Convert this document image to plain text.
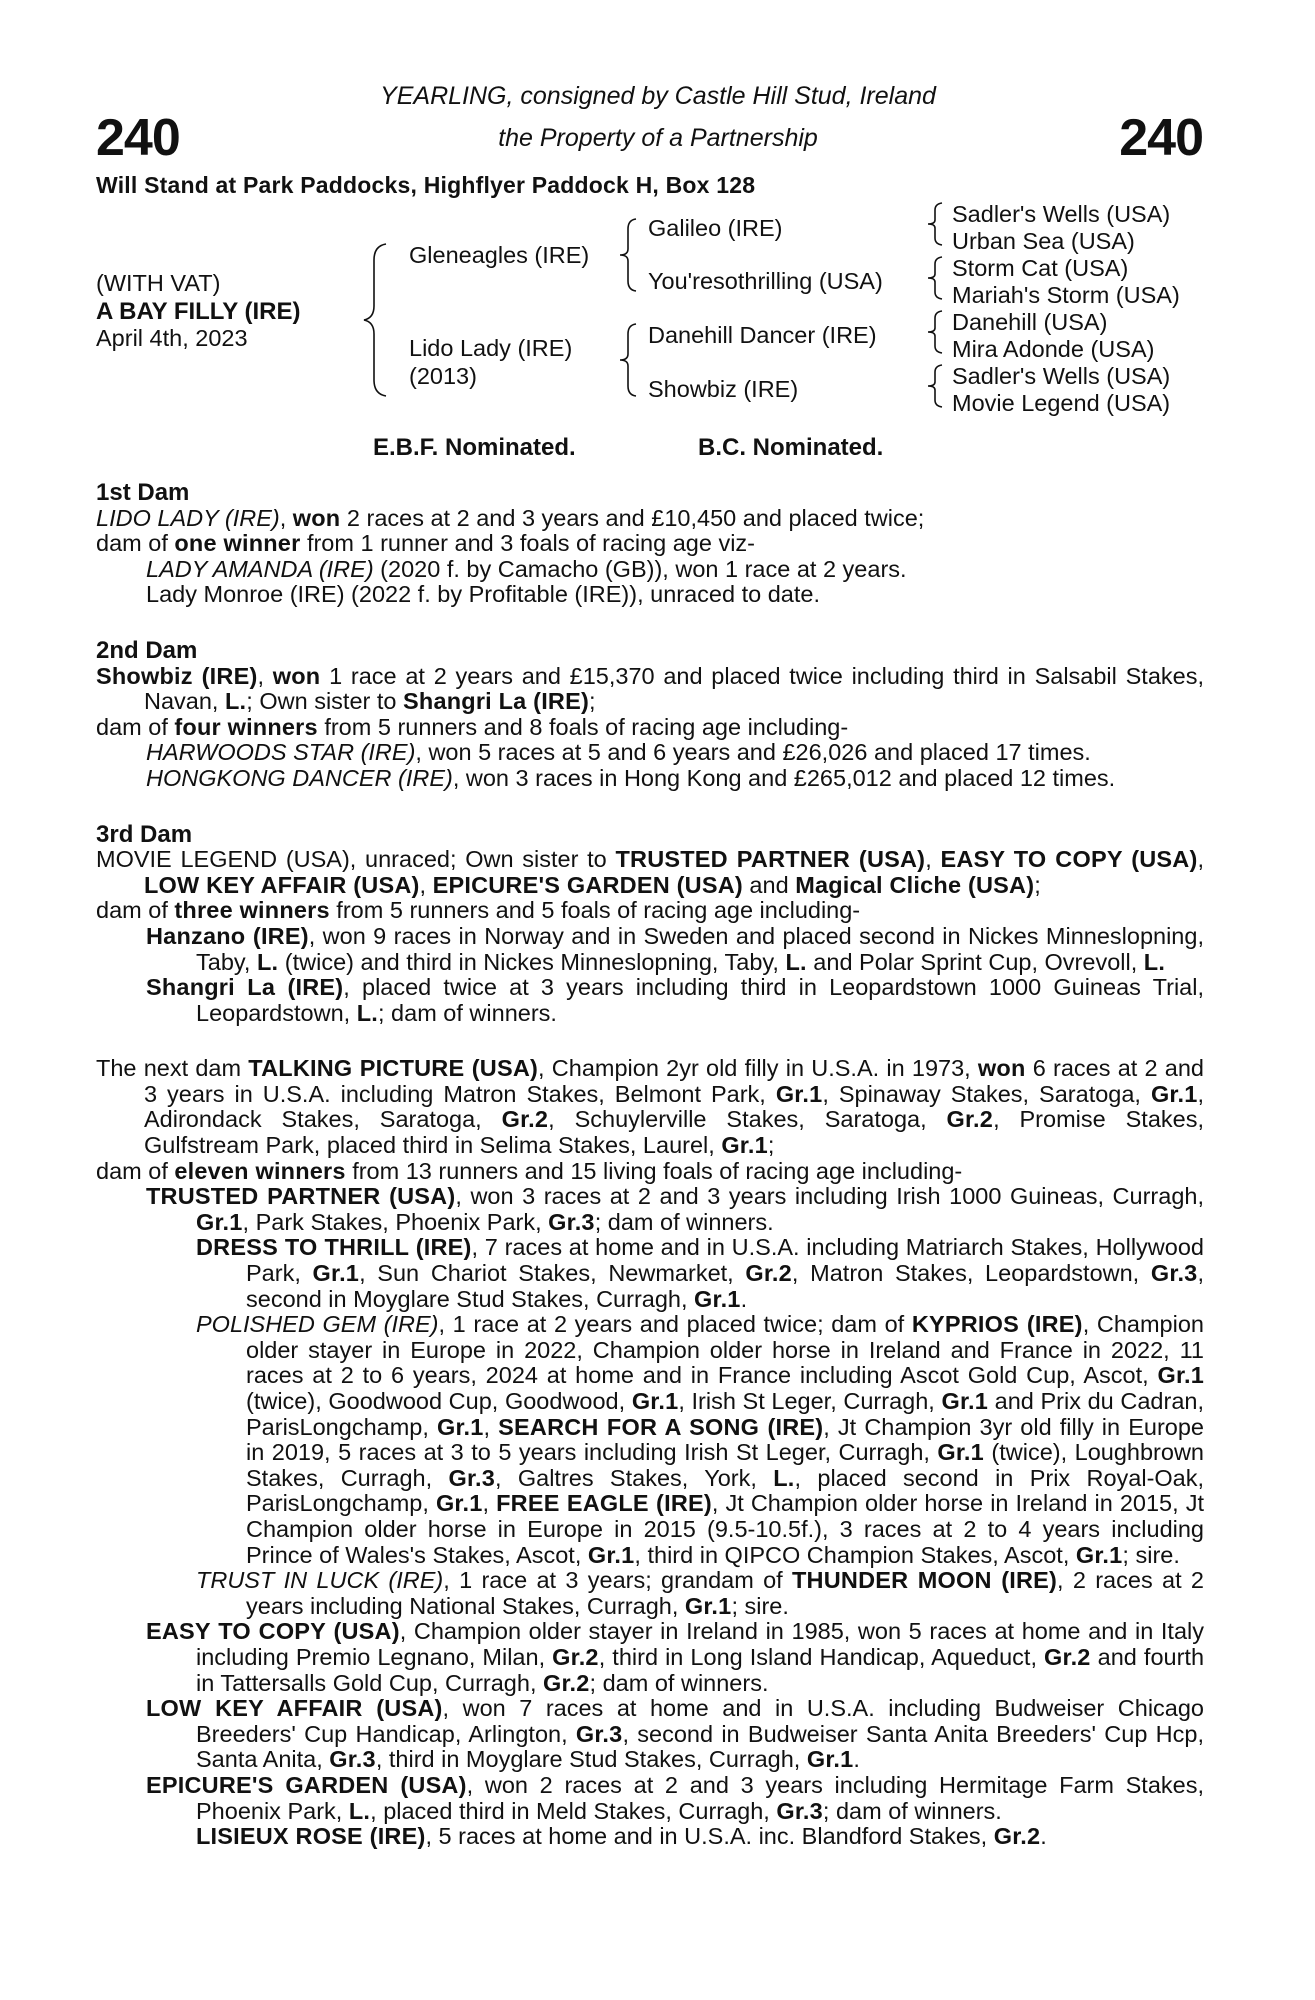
240	240
YEARLING, consigned by Castle Hill Stud, Ireland
the Property of a Partnership
Will Stand at Park Paddocks, Highflyer Paddock H, Box 128
(WITH VAT)
A BAY FILLY (IRE)
April 4th, 2023
Gleneagles (IRE)
Lido Lady (IRE)
(2013)
Galileo (IRE)
You'resothrilling (USA)
Danehill Dancer (IRE)
Showbiz (IRE)
Sadler's Wells (USA)
Urban Sea (USA)
Storm Cat (USA)
Mariah's Storm (USA)
Danehill (USA)
Mira Adonde (USA)
Sadler's Wells (USA)
Movie Legend (USA)
E.B.F. Nominated.	B.C. Nominated.
1st Dam

LIDO LADY (IRE), won 2 races at 2 and 3 years and £10,450 and placed twice;

dam of one winner from 1 runner and 3 foals of racing age viz-

LADY AMANDA (IRE) (2020 f. by Camacho (GB)), won 1 race at 2 years.

Lady Monroe (IRE) (2022 f. by Profitable (IRE)), unraced to date.

2nd Dam

Showbiz (IRE), won 1 race at 2 years and £15,370 and placed twice including third in Salsabil Stakes, Navan, L.; Own sister to Shangri La (IRE);

dam of four winners from 5 runners and 8 foals of racing age including-

HARWOODS STAR (IRE), won 5 races at 5 and 6 years and £26,026 and placed 17 times.

HONGKONG DANCER (IRE), won 3 races in Hong Kong and £265,012 and placed 12 times.

3rd Dam

MOVIE LEGEND (USA), unraced; Own sister to TRUSTED PARTNER (USA), EASY TO COPY (USA), LOW KEY AFFAIR (USA), EPICURE'S GARDEN (USA) and Magical Cliche (USA);

dam of three winners from 5 runners and 5 foals of racing age including-

Hanzano (IRE), won 9 races in Norway and in Sweden and placed second in Nickes Minneslopning, Taby, L. (twice) and third in Nickes Minneslopning, Taby, L. and Polar Sprint Cup, Ovrevoll, L.

Shangri La (IRE), placed twice at 3 years including third in Leopardstown 1000 Guineas Trial, Leopardstown, L.; dam of winners.

The next dam TALKING PICTURE (USA), Champion 2yr old filly in U.S.A. in 1973, won 6 races at 2 and 3 years in U.S.A. including Matron Stakes, Belmont Park, Gr.1, Spinaway Stakes, Saratoga, Gr.1, Adirondack Stakes, Saratoga, Gr.2, Schuylerville Stakes, Saratoga, Gr.2, Promise Stakes, Gulfstream Park, placed third in Selima Stakes, Laurel, Gr.1;

dam of eleven winners from 13 runners and 15 living foals of racing age including-

TRUSTED PARTNER (USA), won 3 races at 2 and 3 years including Irish 1000 Guineas, Curragh, Gr.1, Park Stakes, Phoenix Park, Gr.3; dam of winners.

DRESS TO THRILL (IRE), 7 races at home and in U.S.A. including Matriarch Stakes, Hollywood Park, Gr.1, Sun Chariot Stakes, Newmarket, Gr.2, Matron Stakes, Leopardstown, Gr.3, second in Moyglare Stud Stakes, Curragh, Gr.1.

POLISHED GEM (IRE), 1 race at 2 years and placed twice; dam of KYPRIOS (IRE), Champion older stayer in Europe in 2022, Champion older horse in Ireland and France in 2022, 11 races at 2 to 6 years, 2024 at home and in France including Ascot Gold Cup, Ascot, Gr.1 (twice), Goodwood Cup, Goodwood, Gr.1, Irish St Leger, Curragh, Gr.1 and Prix du Cadran, ParisLongchamp, Gr.1, SEARCH FOR A SONG (IRE), Jt Champion 3yr old filly in Europe in 2019, 5 races at 3 to 5 years including Irish St Leger, Curragh, Gr.1 (twice), Loughbrown Stakes, Curragh, Gr.3, Galtres Stakes, York, L., placed second in Prix Royal-Oak, ParisLongchamp, Gr.1, FREE EAGLE (IRE), Jt Champion older horse in Ireland in 2015, Jt Champion older horse in Europe in 2015 (9.5-10.5f.), 3 races at 2 to 4 years including Prince of Wales's Stakes, Ascot, Gr.1, third in QIPCO Champion Stakes, Ascot, Gr.1; sire.

TRUST IN LUCK (IRE), 1 race at 3 years; grandam of THUNDER MOON (IRE), 2 races at 2 years including National Stakes, Curragh, Gr.1; sire.

EASY TO COPY (USA), Champion older stayer in Ireland in 1985, won 5 races at home and in Italy including Premio Legnano, Milan, Gr.2, third in Long Island Handicap, Aqueduct, Gr.2 and fourth in Tattersalls Gold Cup, Curragh, Gr.2; dam of winners.

LOW KEY AFFAIR (USA), won 7 races at home and in U.S.A. including Budweiser Chicago Breeders' Cup Handicap, Arlington, Gr.3, second in Budweiser Santa Anita Breeders' Cup Hcp, Santa Anita, Gr.3, third in Moyglare Stud Stakes, Curragh, Gr.1.

EPICURE'S GARDEN (USA), won 2 races at 2 and 3 years including Hermitage Farm Stakes, Phoenix Park, L., placed third in Meld Stakes, Curragh, Gr.3; dam of winners.

LISIEUX ROSE (IRE), 5 races at home and in U.S.A. inc. Blandford Stakes, Gr.2.
